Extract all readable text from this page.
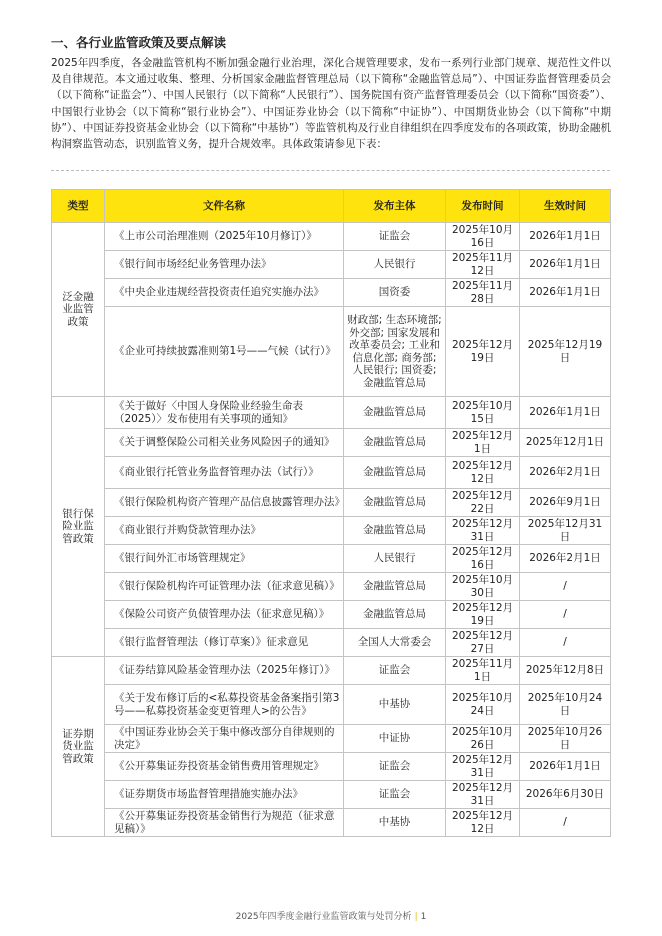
一、各行业监管政策及要点解读
2025年四季度，各金融监管机构不断加强金融行业治理，深化合规管理要求，发布一系列行业部门规章、规范性文件以及自律规范。本文通过收集、整理、分析国家金融监督管理总局（以下简称“金融监管总局”）、中国证券监督管理委员会（以下简称“证监会”）、中国人民银行（以下简称“人民银行”）、国务院国有资产监督管理委员会（以下简称“国资委”）、中国银行业协会（以下简称“银行业协会”）、中国证券业协会（以下简称“中证协”）、中国期货业协会（以下简称“中期协”）、中国证券投资基金业协会（以下简称“中基协”）等监管机构及行业自律组织在四季度发布的各项政策，协助金融机构洞察监管动态，识别监管义务，提升合规效率。具体政策请参见下表：
类型	文件名称	发布主体	发布时间	生效时间
泛金融业监管政策	《上市公司治理准则（2025年10月修订）》	证监会	2025年10月16日	2026年1月1日
	《银行间市场经纪业务管理办法》	人民银行	2025年11月12日	2026年1月1日
	《中央企业违规经营投资责任追究实施办法》	国资委	2025年11月28日	2026年1月1日
	《企业可持续披露准则第1号——气候（试行）》	财政部; 生态环境部; 外交部; 国家发展和改革委员会; 工业和信息化部; 商务部; 人民银行; 国资委; 金融监管总局	2025年12月19日	2025年12月19日
银行保险业监管政策	《关于做好〈中国人身保险业经验生命表（2025）〉发布使用有关事项的通知》	金融监管总局	2025年10月15日	2026年1月1日
	《关于调整保险公司相关业务风险因子的通知》	金融监管总局	2025年12月1日	2025年12月1日
	《商业银行托管业务监督管理办法（试行）》	金融监管总局	2025年12月12日	2026年2月1日
	《银行保险机构资产管理产品信息披露管理办法》	金融监管总局	2025年12月22日	2026年9月1日
	《商业银行并购贷款管理办法》	金融监管总局	2025年12月31日	2025年12月31日
	《银行间外汇市场管理规定》	人民银行	2025年12月16日	2026年2月1日
	《银行保险机构许可证管理办法（征求意见稿）》	金融监管总局	2025年10月30日	/
	《保险公司资产负债管理办法（征求意见稿）》	金融监管总局	2025年12月19日	/
	《银行监督管理法（修订草案）》征求意见	全国人大常委会	2025年12月27日	/
证券期货业监管政策	《证券结算风险基金管理办法（2025年修订）》	证监会	2025年11月1日	2025年12月8日
	《关于发布修订后的<私募投资基金备案指引第3号——私募投资基金变更管理人>的公告》	中基协	2025年10月24日	2025年10月24日
	《中国证券业协会关于集中修改部分自律规则的决定》	中证协	2025年10月26日	2025年10月26日
	《公开募集证券投资基金销售费用管理规定》	证监会	2025年12月31日	2026年1月1日
	《证券期货市场监督管理措施实施办法》	证监会	2025年12月31日	2026年6月30日
	《公开募集证券投资基金销售行为规范（征求意见稿）》	中基协	2025年12月12日	/
2025年四季度金融行业监管政策与处罚分析 | 1
